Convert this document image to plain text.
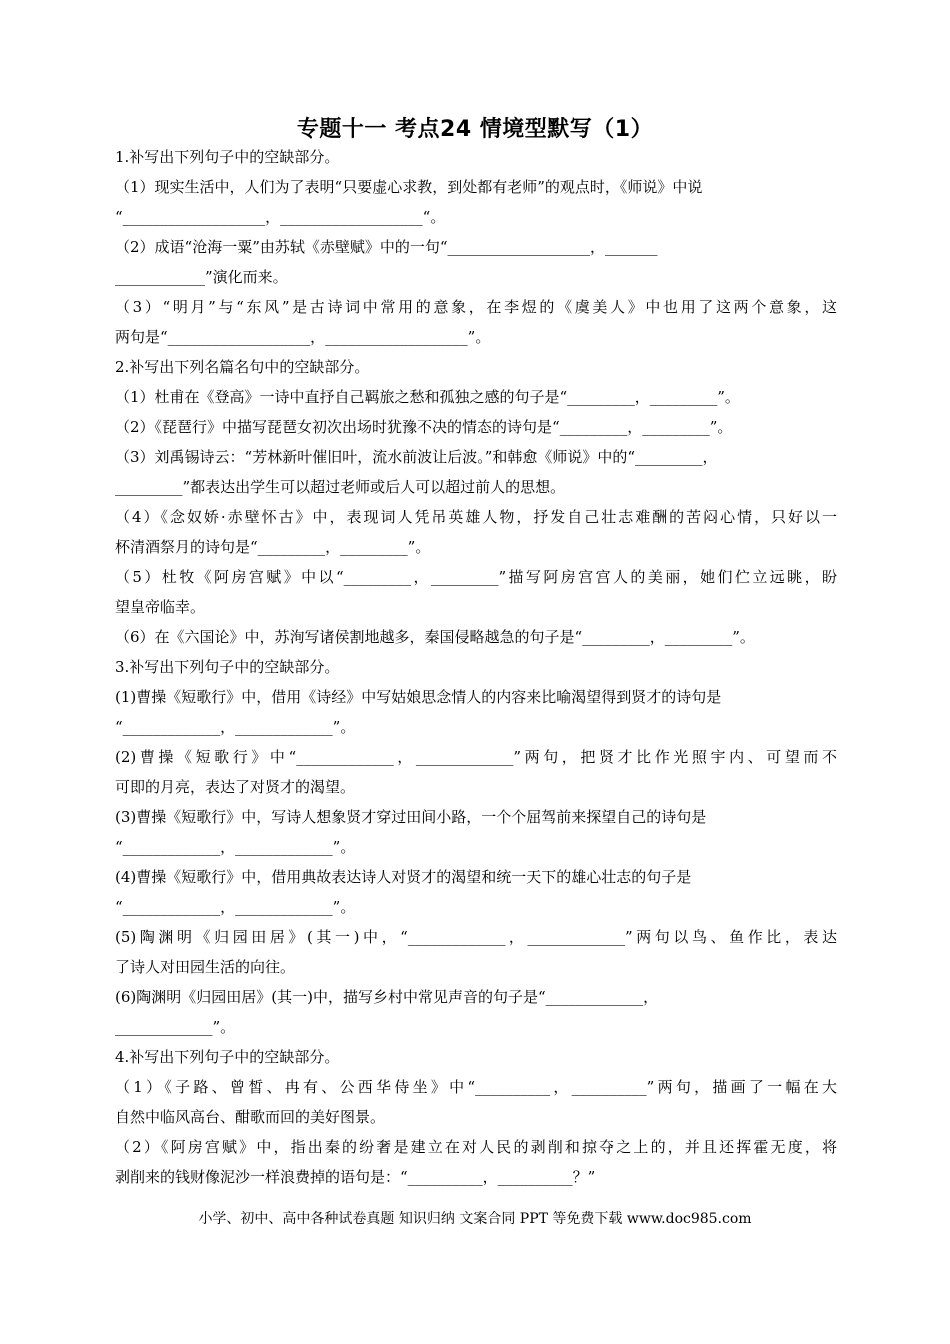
专题十一 考点24 情境型默写（1）
1.补写出下列句子中的空缺部分。
（1）现实生活中，人们为了表明“只要虚心求教，到处都有老师”的观点时，《师说》中说
“___________________，___________________“。
（2）成语“沧海一粟”由苏轼《赤壁赋》中的一句“___________________，_______
____________”演化而来。
（3）“明月”与“东风”是古诗词中常用的意象，在李煜的《虞美人》中也用了这两个意象，这
两句是“___________________，___________________”。
2.补写出下列名篇名句中的空缺部分。
（1）杜甫在《登高》一诗中直抒自己羁旅之愁和孤独之感的句子是“_________，_________”。
（2）《琵琶行》中描写琵琶女初次出场时犹豫不决的情态的诗句是“_________，_________”。
（3）刘禹锡诗云：“芳林新叶催旧叶，流水前波让后波。”和韩愈《师说》中的“_________，
_________”都表达出学生可以超过老师或后人可以超过前人的思想。
（4）《念奴娇·赤壁怀古》中，表现词人凭吊英雄人物，抒发自己壮志难酬的苦闷心情，只好以一
杯清酒祭月的诗句是“_________，_________”。
（5）杜牧《阿房宫赋》中以“_________，_________”描写阿房宫宫人的美丽，她们伫立远眺，盼
望皇帝临幸。
（6）在《六国论》中，苏洵写诸侯割地越多，秦国侵略越急的句子是“_________，_________”。
3.补写出下列句子中的空缺部分。
(1)曹操《短歌行》中，借用《诗经》中写姑娘思念情人的内容来比喻渴望得到贤才的诗句是
“_____________，_____________”。
(2)曹操《短歌行》中“_____________，_____________”两句，把贤才比作光照宇内、可望而不
可即的月亮，表达了对贤才的渴望。
(3)曹操《短歌行》中，写诗人想象贤才穿过田间小路，一个个屈驾前来探望自己的诗句是
“_____________，_____________”。
(4)曹操《短歌行》中，借用典故表达诗人对贤才的渴望和统一天下的雄心壮志的句子是
“_____________，_____________”。
(5)陶渊明《归园田居》(其一)中，“_____________，_____________”两句以鸟、鱼作比，表达
了诗人对田园生活的向往。
(6)陶渊明《归园田居》(其一)中，描写乡村中常见声音的句子是“_____________，
_____________”。
4.补写出下列句子中的空缺部分。
（1）《子路、曾皙、冉有、公西华侍坐》中“__________，__________”两句，描画了一幅在大
自然中临风高台、酣歌而回的美好图景。
（2）《阿房宫赋》中，指出秦的纷奢是建立在对人民的剥削和掠夺之上的，并且还挥霍无度，将
剥削来的钱财像泥沙一样浪费掉的语句是：“__________，__________？”
小学、初中、高中各种试卷真题 知识归纳 文案合同 PPT 等免费下载 www.doc985.com
